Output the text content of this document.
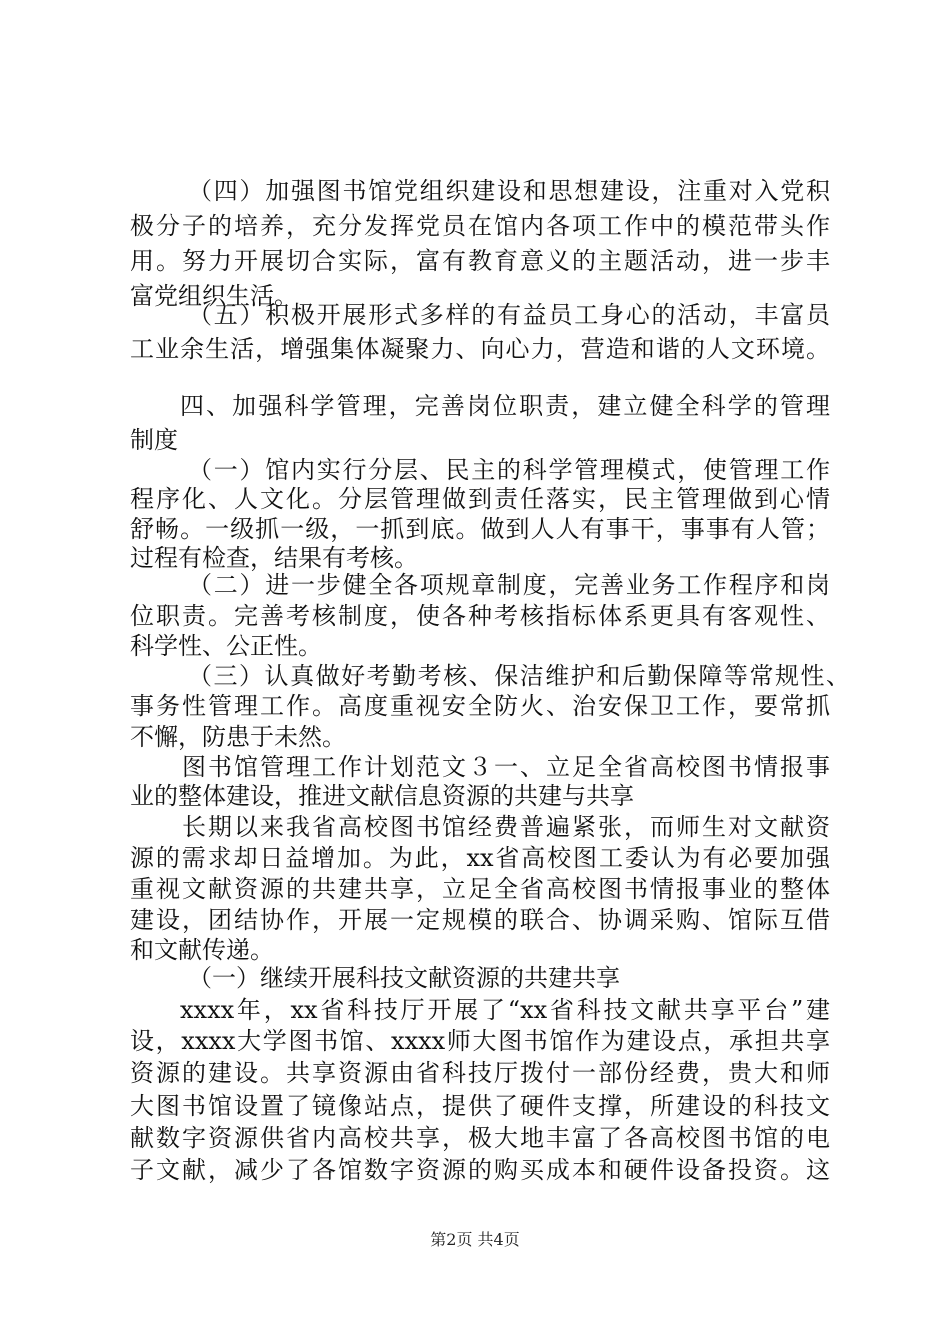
（四）加强图书馆党组织建设和思想建设，注重对入党积
极分子的培养，充分发挥党员在馆内各项工作中的模范带头作
用。努力开展切合实际，富有教育意义的主题活动，进一步丰
富党组织生活。
（五）积极开展形式多样的有益员工身心的活动，丰富员
工业余生活，增强集体凝聚力、向心力，营造和谐的人文环境。
四、加强科学管理，完善岗位职责，建立健全科学的管理
制度
（一）馆内实行分层、民主的科学管理模式，使管理工作
程序化、人文化。分层管理做到责任落实，民主管理做到心情
舒畅。一级抓一级，一抓到底。做到人人有事干，事事有人管；
过程有检查，结果有考核。
（二）进一步健全各项规章制度，完善业务工作程序和岗
位职责。完善考核制度，使各种考核指标体系更具有客观性、
科学性、公正性。
（三）认真做好考勤考核、保洁维护和后勤保障等常规性、
事务性管理工作。高度重视安全防火、治安保卫工作，要常抓
不懈，防患于未然。
图书馆管理工作计划范文３一、立足全省高校图书情报事
业的整体建设，推进文献信息资源的共建与共享
长期以来我省高校图书馆经费普遍紧张，而师生对文献资
源的需求却日益增加。为此，xx省高校图工委认为有必要加强
重视文献资源的共建共享，立足全省高校图书情报事业的整体
建设，团结协作，开展一定规模的联合、协调采购、馆际互借
和文献传递。
（一）继续开展科技文献资源的共建共享
xxxx年，xx省科技厅开展了“xx省科技文献共享平台”建
设，xxxx大学图书馆、xxxx师大图书馆作为建设点，承担共享
资源的建设。共享资源由省科技厅拨付一部份经费，贵大和师
大图书馆设置了镜像站点，提供了硬件支撑，所建设的科技文
献数字资源供省内高校共享，极大地丰富了各高校图书馆的电
子文献，减少了各馆数字资源的购买成本和硬件设备投资。这
第2页 共4页
